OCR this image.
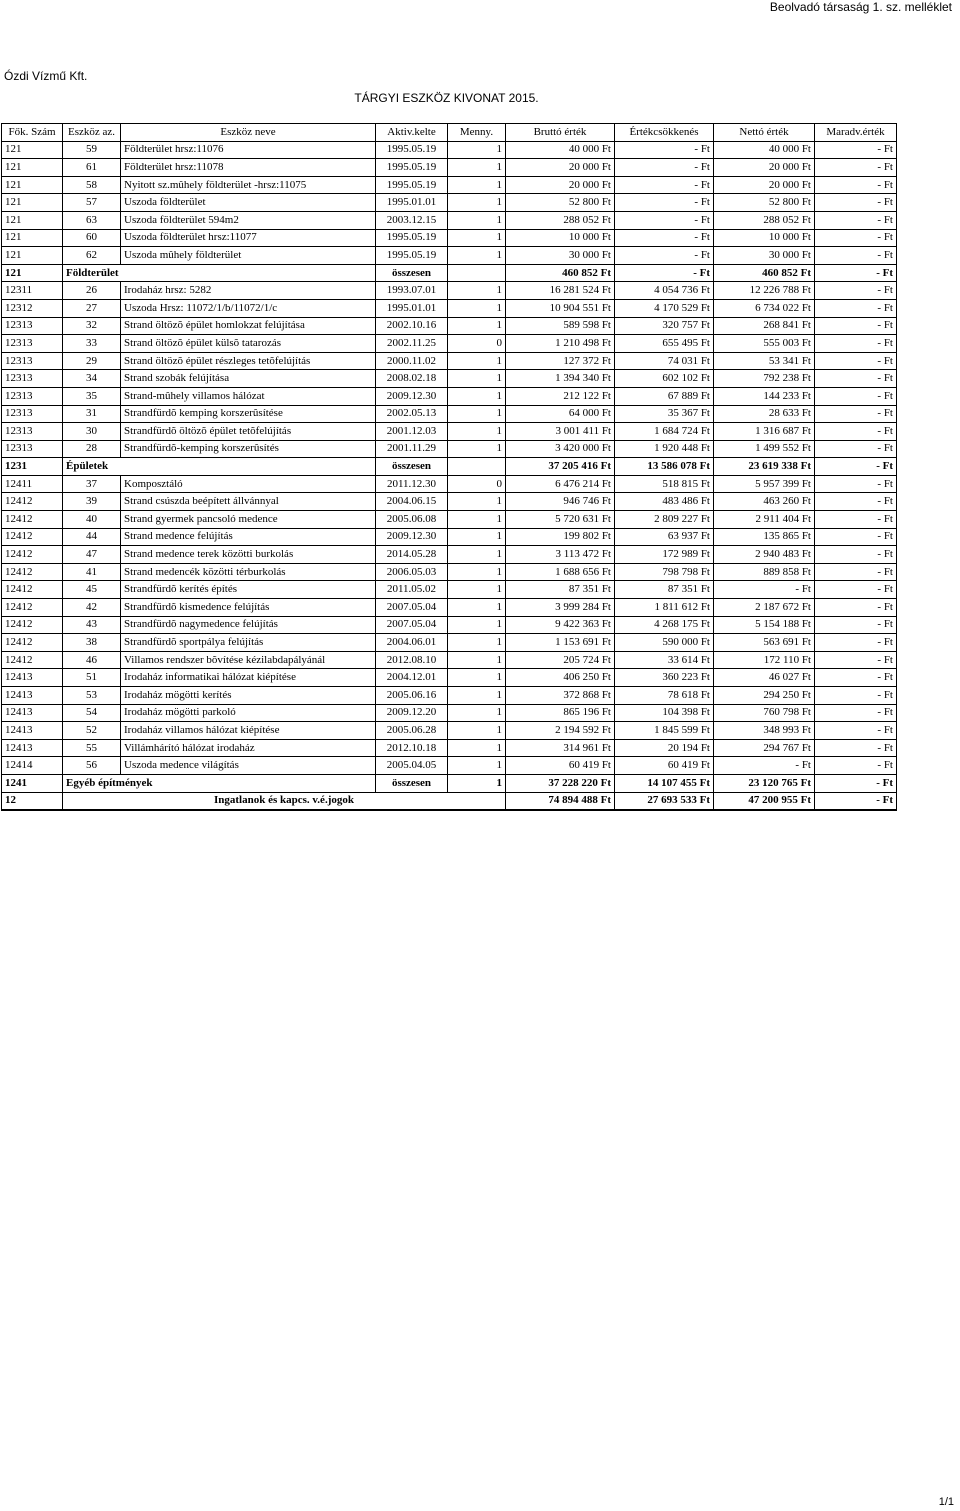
Beolvadó társaság 1. sz. melléklet
Ózdi Vízmű Kft.
TÁRGYI ESZKÖZ KIVONAT 2015.
Fők. Szám	Eszköz az.	Eszköz neve	Aktiv.kelte	Menny.	Bruttó érték	Értékcsökkenés	Nettó érték	Maradv.érték
121	59	Földterület hrsz:11076	1995.05.19	1	40 000 Ft	- Ft	40 000 Ft	- Ft
121	61	Földterület hrsz:11078	1995.05.19	1	20 000 Ft	- Ft	20 000 Ft	- Ft
121	58	Nyitott sz.mûhely földterület -hrsz:11075	1995.05.19	1	20 000 Ft	- Ft	20 000 Ft	- Ft
121	57	Uszoda földterület	1995.01.01	1	52 800 Ft	- Ft	52 800 Ft	- Ft
121	63	Uszoda földterület 594m2	2003.12.15	1	288 052 Ft	- Ft	288 052 Ft	- Ft
121	60	Uszoda földterület hrsz:11077	1995.05.19	1	10 000 Ft	- Ft	10 000 Ft	- Ft
121	62	Uszoda mûhely földterület	1995.05.19	1	30 000 Ft	- Ft	30 000 Ft	- Ft
121	Földterület		összesen		460 852 Ft	- Ft	460 852 Ft	- Ft
12311	26	Irodaház hrsz: 5282	1993.07.01	1	16 281 524 Ft	4 054 736 Ft	12 226 788 Ft	- Ft
12312	27	Uszoda Hrsz: 11072/1/b/11072/1/c	1995.01.01	1	10 904 551 Ft	4 170 529 Ft	6 734 022 Ft	- Ft
12313	32	Strand öltözõ épület homlokzat felújítása	2002.10.16	1	589 598 Ft	320 757 Ft	268 841 Ft	- Ft
12313	33	Strand öltözõ épület külsõ tatarozás	2002.11.25	0	1 210 498 Ft	655 495 Ft	555 003 Ft	- Ft
12313	29	Strand öltözõ épület részleges tetõfelújítás	2000.11.02	1	127 372 Ft	74 031 Ft	53 341 Ft	- Ft
12313	34	Strand szobák felújítása	2008.02.18	1	1 394 340 Ft	602 102 Ft	792 238 Ft	- Ft
12313	35	Strand-mûhely villamos hálózat	2009.12.30	1	212 122 Ft	67 889 Ft	144 233 Ft	- Ft
12313	31	Strandfürdõ kemping korszerûsítése	2002.05.13	1	64 000 Ft	35 367 Ft	28 633 Ft	- Ft
12313	30	Strandfürdõ öltözõ épület tetõfelújítás	2001.12.03	1	3 001 411 Ft	1 684 724 Ft	1 316 687 Ft	- Ft
12313	28	Strandfürdõ-kemping korszerûsítés	2001.11.29	1	3 420 000 Ft	1 920 448 Ft	1 499 552 Ft	- Ft
1231	Épületek		összesen		37 205 416 Ft	13 586 078 Ft	23 619 338 Ft	- Ft
12411	37	Komposztáló	2011.12.30	0	6 476 214 Ft	518 815 Ft	5 957 399 Ft	- Ft
12412	39	Strand csúszda beépített állvánnyal	2004.06.15	1	946 746 Ft	483 486 Ft	463 260 Ft	- Ft
12412	40	Strand gyermek pancsoló medence	2005.06.08	1	5 720 631 Ft	2 809 227 Ft	2 911 404 Ft	- Ft
12412	44	Strand medence felújítás	2009.12.30	1	199 802 Ft	63 937 Ft	135 865 Ft	- Ft
12412	47	Strand medence terek közötti burkolás	2014.05.28	1	3 113 472 Ft	172 989 Ft	2 940 483 Ft	- Ft
12412	41	Strand medencék közötti térburkolás	2006.05.03	1	1 688 656 Ft	798 798 Ft	889 858 Ft	- Ft
12412	45	Strandfürdõ kerítés építés	2011.05.02	1	87 351 Ft	87 351 Ft	- Ft	- Ft
12412	42	Strandfürdõ kismedence felújítás	2007.05.04	1	3 999 284 Ft	1 811 612 Ft	2 187 672 Ft	- Ft
12412	43	Strandfürdõ nagymedence felújítás	2007.05.04	1	9 422 363 Ft	4 268 175 Ft	5 154 188 Ft	- Ft
12412	38	Strandfürdõ sportpálya felújítás	2004.06.01	1	1 153 691 Ft	590 000 Ft	563 691 Ft	- Ft
12412	46	Villamos rendszer bõvítése kézilabdapályánál	2012.08.10	1	205 724 Ft	33 614 Ft	172 110 Ft	- Ft
12413	51	Irodaház informatikai hálózat kiépítése	2004.12.01	1	406 250 Ft	360 223 Ft	46 027 Ft	- Ft
12413	53	Irodaház mögötti kerítés	2005.06.16	1	372 868 Ft	78 618 Ft	294 250 Ft	- Ft
12413	54	Irodaház mögötti parkoló	2009.12.20	1	865 196 Ft	104 398 Ft	760 798 Ft	- Ft
12413	52	Irodaház villamos hálózat kiépítése	2005.06.28	1	2 194 592 Ft	1 845 599 Ft	348 993 Ft	- Ft
12413	55	Villámhárító hálózat irodaház	2012.10.18	1	314 961 Ft	20 194 Ft	294 767 Ft	- Ft
12414	56	Uszoda medence világítás	2005.04.05	1	60 419 Ft	60 419 Ft	- Ft	- Ft
1241	Egyéb építmények		összesen	1	37 228 220 Ft	14 107 455 Ft	23 120 765 Ft	- Ft
12	Ingatlanok és kapcs. v.é.jogok				74 894 488 Ft	27 693 533 Ft	47 200 955 Ft	- Ft
1/1
